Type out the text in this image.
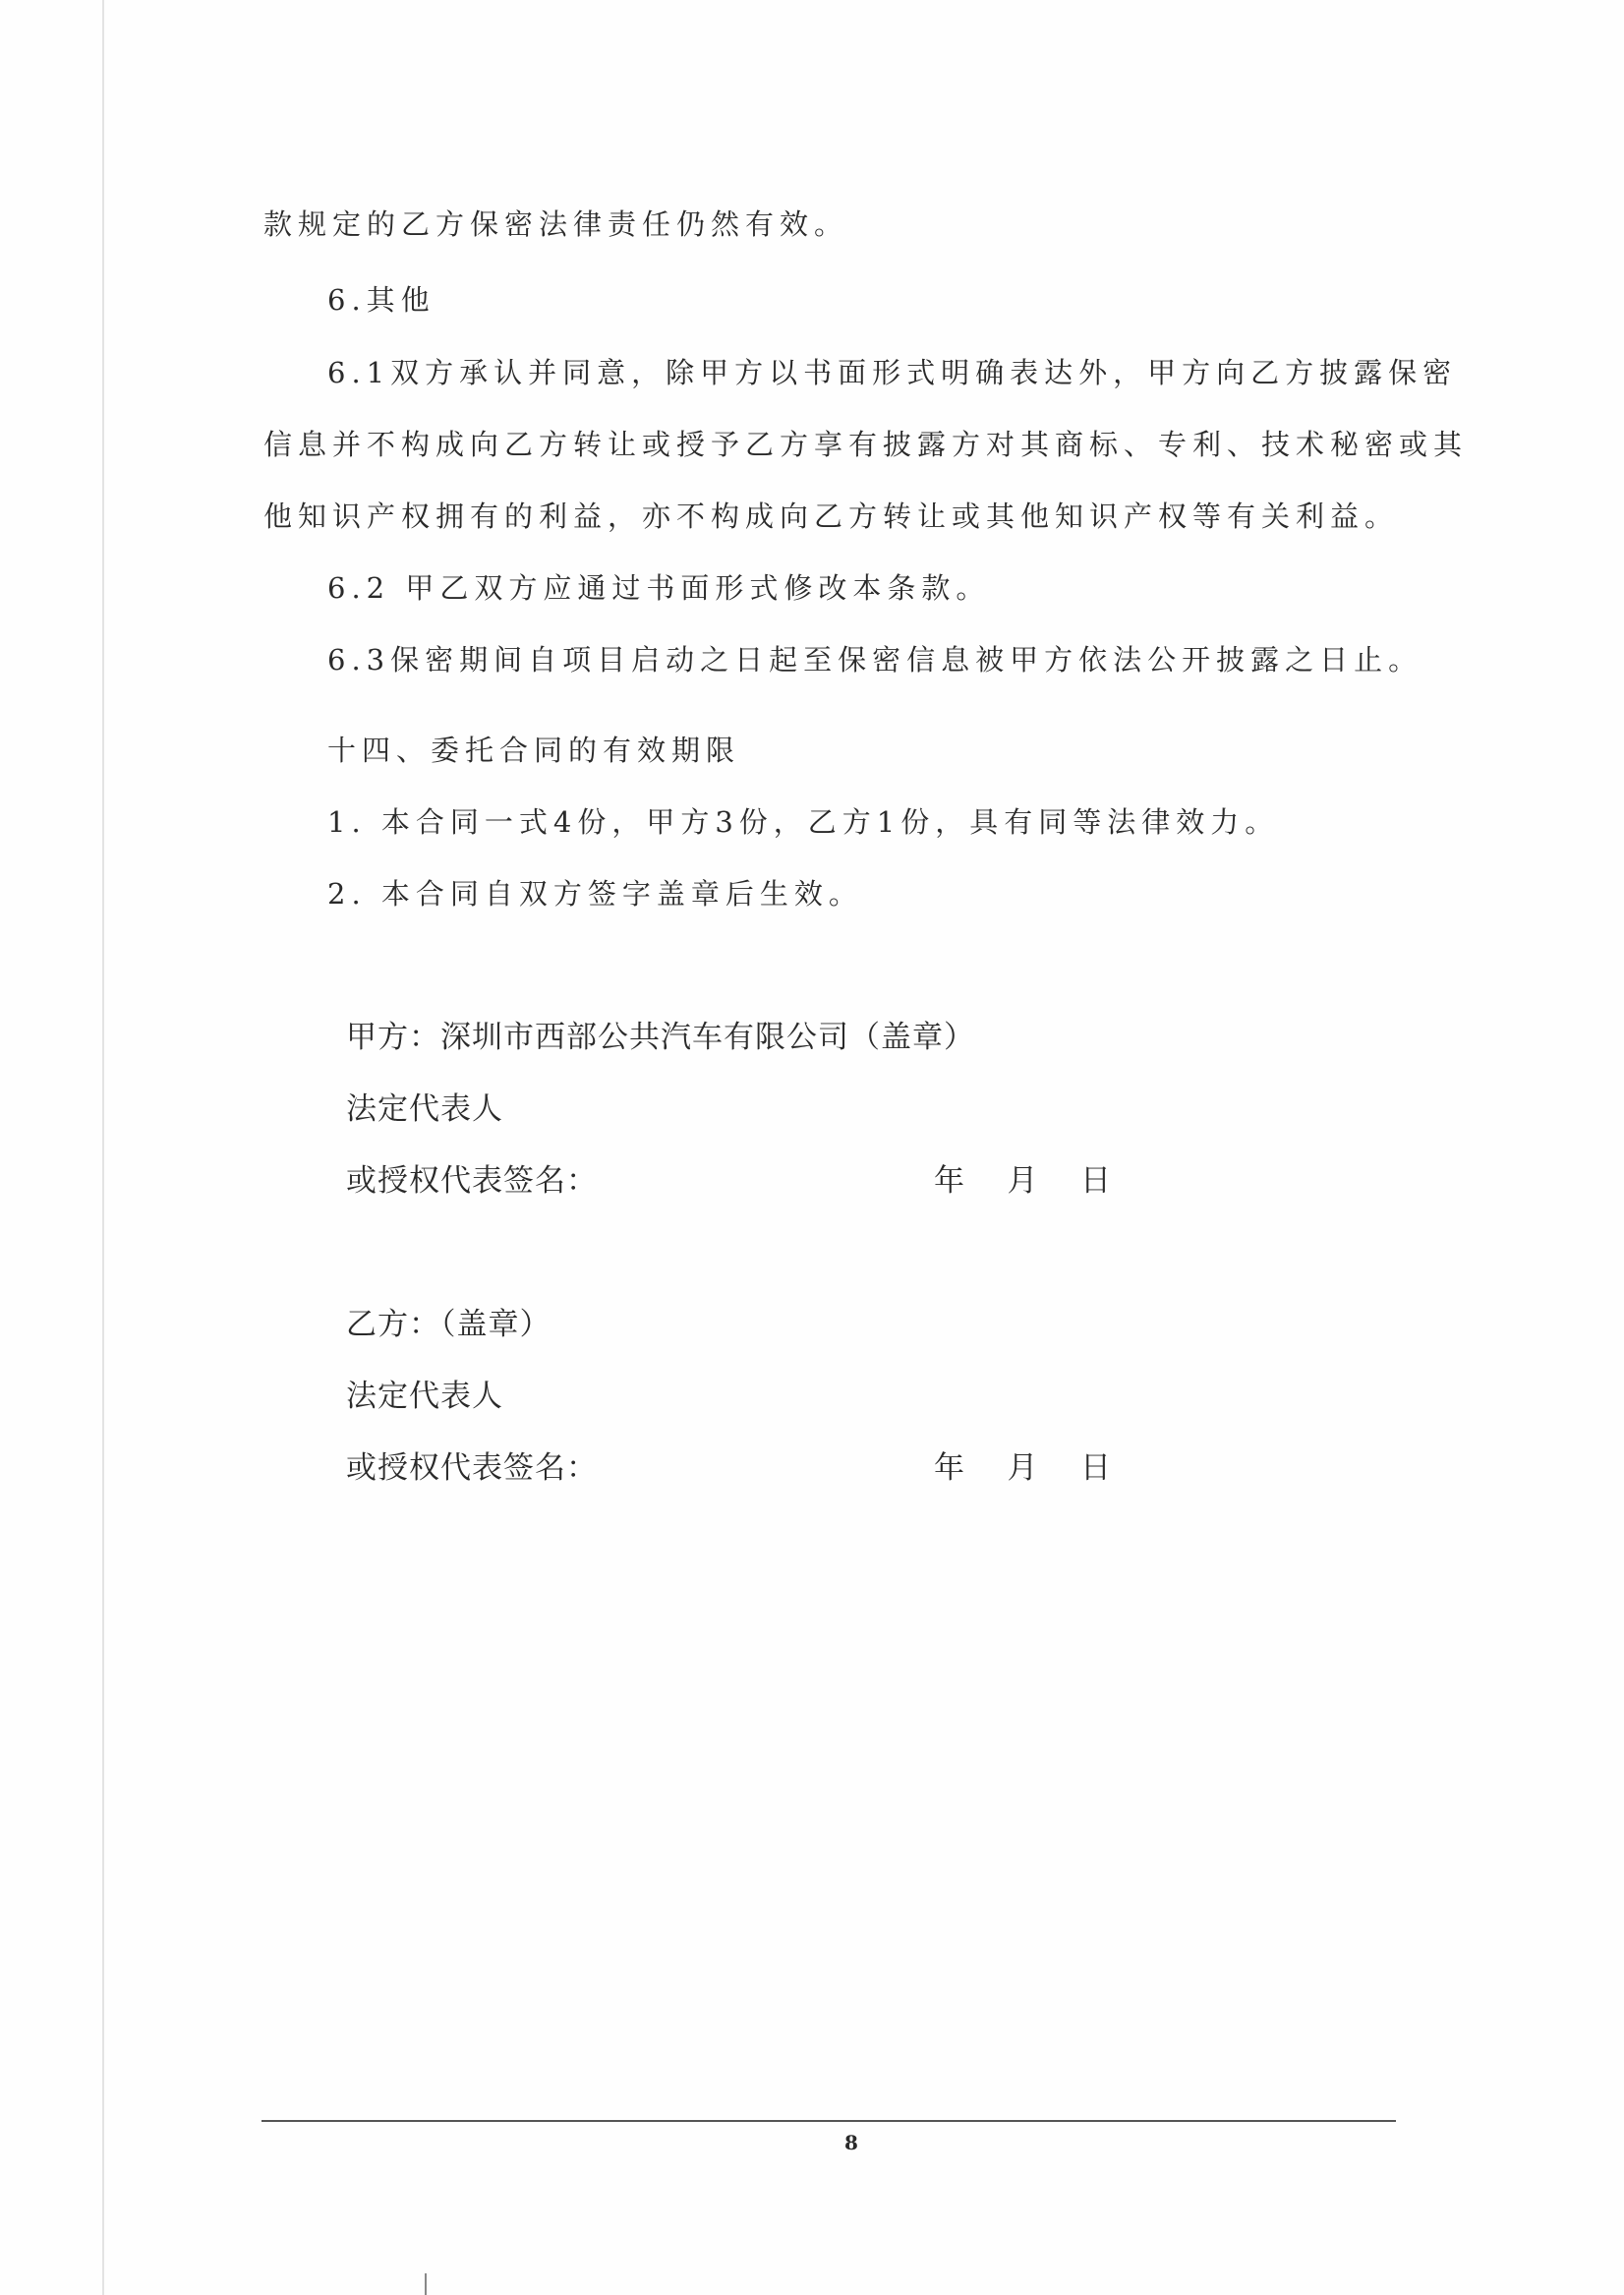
款规定的乙方保密法律责任仍然有效。
6.其他
6.1双方承认并同意，除甲方以书面形式明确表达外，甲方向乙方披露保密
信息并不构成向乙方转让或授予乙方享有披露方对其商标、专利、技术秘密或其
他知识产权拥有的利益，亦不构成向乙方转让或其他知识产权等有关利益。
6.2 甲乙双方应通过书面形式修改本条款。
6.3保密期间自项目启动之日起至保密信息被甲方依法公开披露之日止。
十四、委托合同的有效期限
1. 本合同一式4份，甲方3份，乙方1份，具有同等法律效力。
2. 本合同自双方签字盖章后生效。
甲方：深圳市西部公共汽车有限公司（盖章）
法定代表人
或授权代表签名：	年 月 日
乙方：（盖章）
法定代表人
或授权代表签名：	年 月 日
8
